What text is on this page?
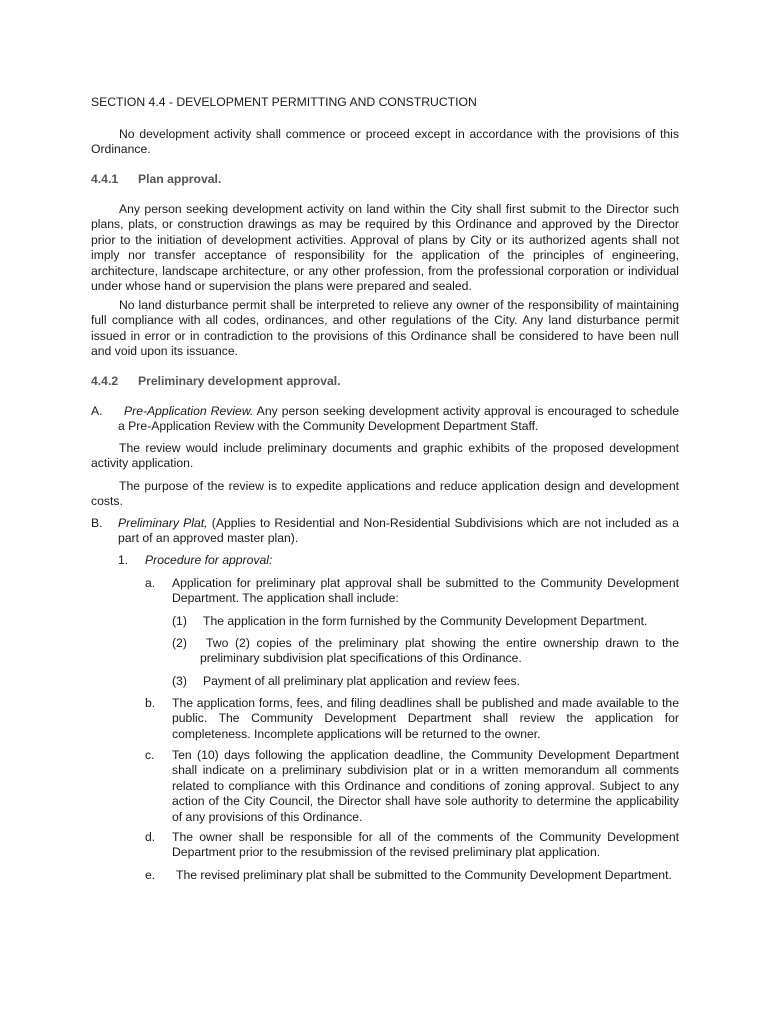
SECTION 4.4 - DEVELOPMENT PERMITTING AND CONSTRUCTION
No development activity shall commence or proceed except in accordance with the provisions of this Ordinance.
4.4.1 Plan approval.
Any person seeking development activity on land within the City shall first submit to the Director such plans, plats, or construction drawings as may be required by this Ordinance and approved by the Director prior to the initiation of development activities. Approval of plans by City or its authorized agents shall not imply nor transfer acceptance of responsibility for the application of the principles of engineering, architecture, landscape architecture, or any other profession, from the professional corporation or individual under whose hand or supervision the plans were prepared and sealed.
No land disturbance permit shall be interpreted to relieve any owner of the responsibility of maintaining full compliance with all codes, ordinances, and other regulations of the City. Any land disturbance permit issued in error or in contradiction to the provisions of this Ordinance shall be considered to have been null and void upon its issuance.
4.4.2 Preliminary development approval.
A.	Pre-Application Review. Any person seeking development activity approval is encouraged to schedule a Pre-Application Review with the Community Development Department Staff.
The review would include preliminary documents and graphic exhibits of the proposed development activity application.
The purpose of the review is to expedite applications and reduce application design and development costs.
B. Preliminary Plat, (Applies to Residential and Non-Residential Subdivisions which are not included as a part of an approved master plan).
1. Procedure for approval:
a. Application for preliminary plat approval shall be submitted to the Community Development Department. The application shall include:
(1) The application in the form furnished by the Community Development Department.
(2)	Two (2) copies of the preliminary plat showing the entire ownership drawn to the preliminary subdivision plat specifications of this Ordinance.
(3) Payment of all preliminary plat application and review fees.
b. The application forms, fees, and filing deadlines shall be published and made available to the public. The Community Development Department shall review the application for completeness. Incomplete applications will be returned to the owner.
c. Ten (10) days following the application deadline, the Community Development Department shall indicate on a preliminary subdivision plat or in a written memorandum all comments related to compliance with this Ordinance and conditions of zoning approval. Subject to any action of the City Council, the Director shall have sole authority to determine the applicability of any provisions of this Ordinance.
d. The owner shall be responsible for all of the comments of the Community Development Department prior to the resubmission of the revised preliminary plat application.
e.	The revised preliminary plat shall be submitted to the Community Development Department.
